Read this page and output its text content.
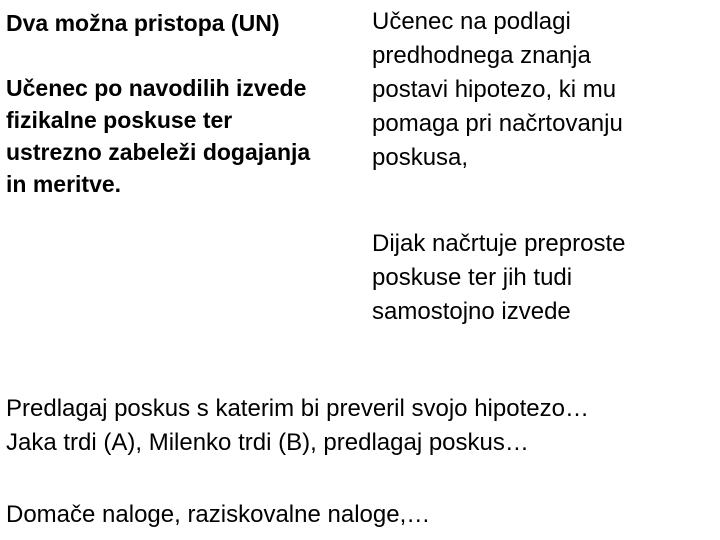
Dva možna pristopa (UN)
Učenec po navodilih izvede
fizikalne poskuse ter
ustrezno zabeleži dogajanja
in meritve.
Učenec na podlagi
predhodnega znanja
postavi hipotezo, ki mu
pomaga pri načrtovanju
poskusa,
Dijak načrtuje preproste
poskuse ter jih tudi
samostojno izvede
Predlagaj poskus s katerim bi preveril svojo hipotezo…
Jaka trdi (A), Milenko trdi (B), predlagaj poskus…
Domače naloge, raziskovalne naloge,…
